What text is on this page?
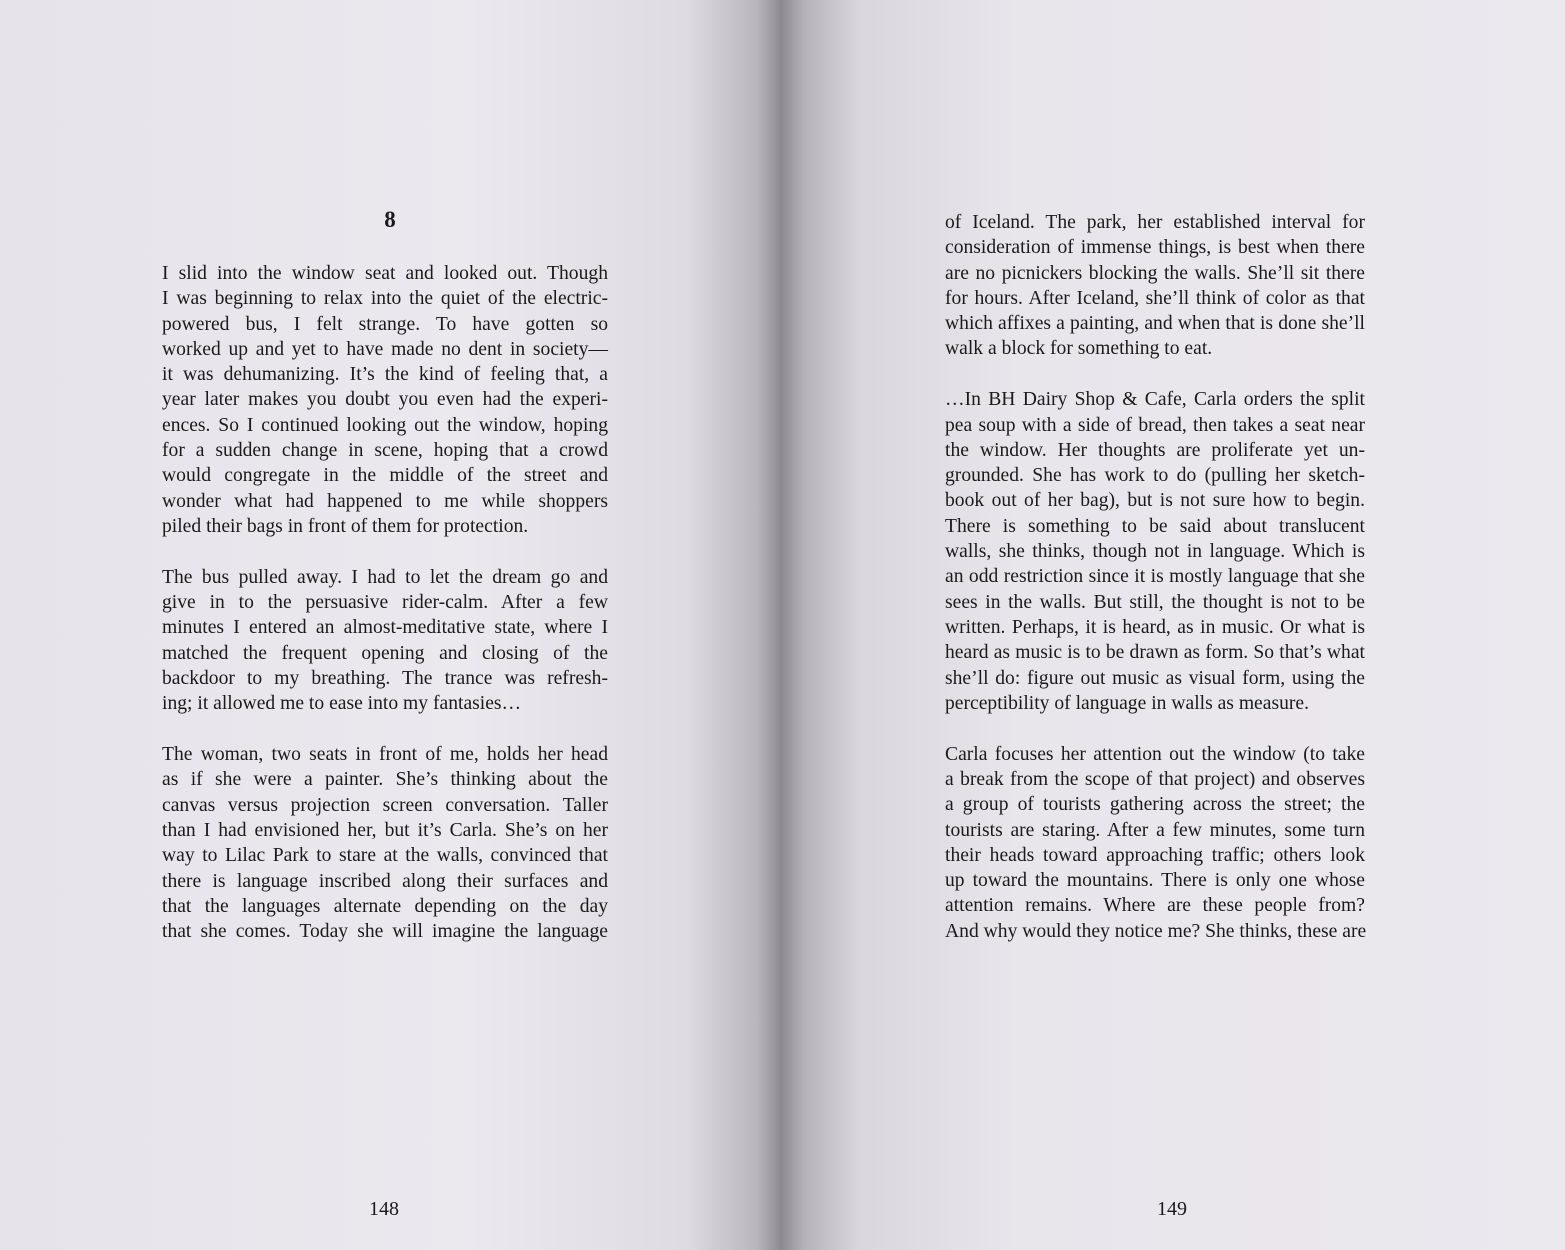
8
I slid into the window seat and looked out. Though
I was beginning to relax into the quiet of the electric-
powered bus, I felt strange. To have gotten so
worked up and yet to have made no dent in society—
it was dehumanizing. It’s the kind of feeling that, a
year later makes you doubt you even had the experi-
ences. So I continued looking out the window, hoping
for a sudden change in scene, hoping that a crowd
would congregate in the middle of the street and
wonder what had happened to me while shoppers
piled their bags in front of them for protection.
The bus pulled away. I had to let the dream go and
give in to the persuasive rider-calm. After a few
minutes I entered an almost-meditative state, where I
matched the frequent opening and closing of the
backdoor to my breathing. The trance was refresh-
ing; it allowed me to ease into my fantasies…
The woman, two seats in front of me, holds her head
as if she were a painter. She’s thinking about the
canvas versus projection screen conversation. Taller
than I had envisioned her, but it’s Carla. She’s on her
way to Lilac Park to stare at the walls, convinced that
there is language inscribed along their surfaces and
that the languages alternate depending on the day
that she comes. Today she will imagine the language
148
of Iceland. The park, her established interval for
consideration of immense things, is best when there
are no picnickers blocking the walls. She’ll sit there
for hours. After Iceland, she’ll think of color as that
which affixes a painting, and when that is done she’ll
walk a block for something to eat.
…In BH Dairy Shop & Cafe, Carla orders the split
pea soup with a side of bread, then takes a seat near
the window. Her thoughts are proliferate yet un-
grounded. She has work to do (pulling her sketch-
book out of her bag), but is not sure how to begin.
There is something to be said about translucent
walls, she thinks, though not in language. Which is
an odd restriction since it is mostly language that she
sees in the walls. But still, the thought is not to be
written. Perhaps, it is heard, as in music. Or what is
heard as music is to be drawn as form. So that’s what
she’ll do: figure out music as visual form, using the
perceptibility of language in walls as measure.
Carla focuses her attention out the window (to take
a break from the scope of that project) and observes
a group of tourists gathering across the street; the
tourists are staring. After a few minutes, some turn
their heads toward approaching traffic; others look
up toward the mountains. There is only one whose
attention remains. Where are these people from?
And why would they notice me? She thinks, these are
149
